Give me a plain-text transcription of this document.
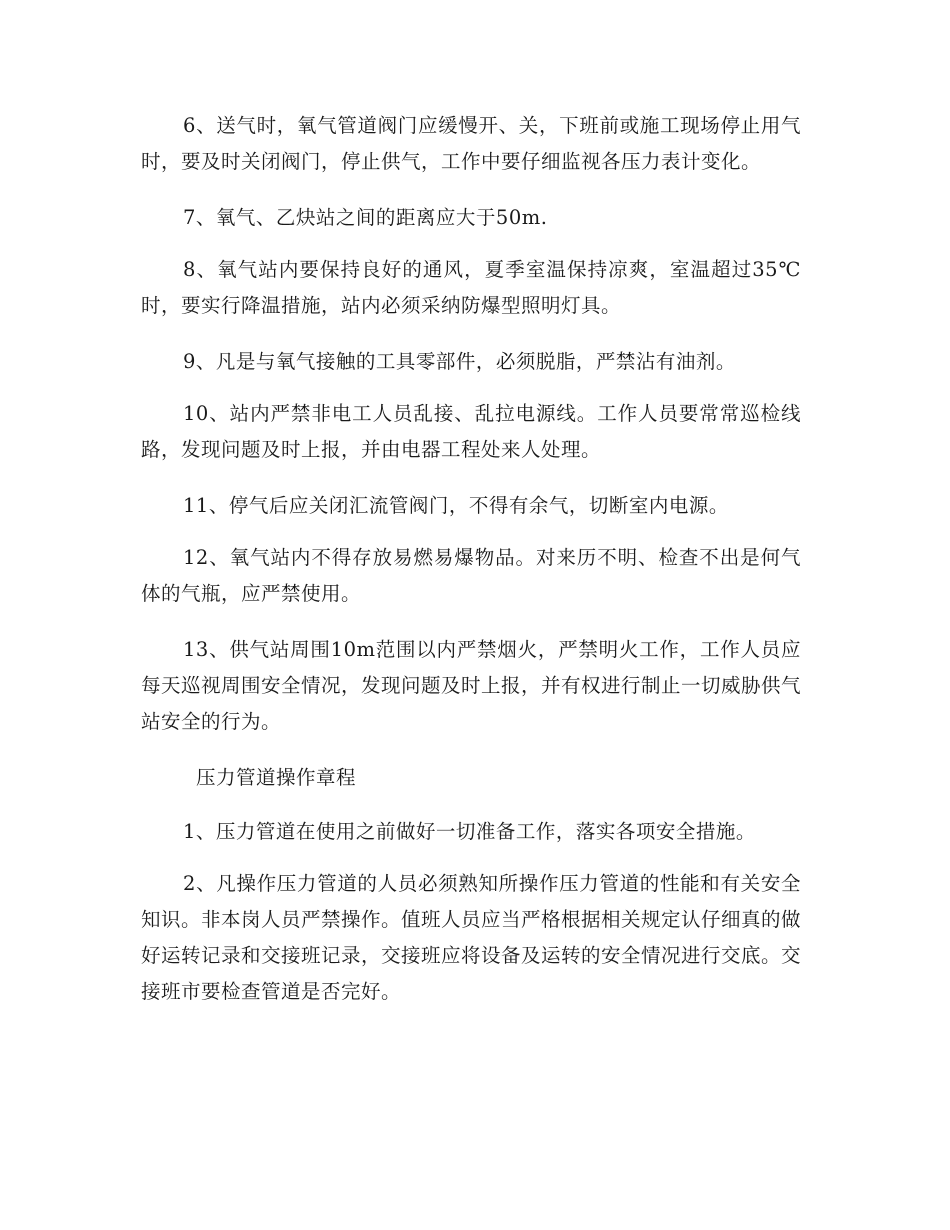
6、送气时，氧气管道阀门应缓慢开、关，下班前或施工现场停止用气时，要及时关闭阀门，停止供气，工作中要仔细监视各压力表计变化。

7、氧气、乙炔站之间的距离应大于50m.

8、氧气站内要保持良好的通风，夏季室温保持凉爽，室温超过35℃时，要实行降温措施，站内必须采纳防爆型照明灯具。

9、凡是与氧气接触的工具零部件，必须脱脂，严禁沾有油剂。

10、站内严禁非电工人员乱接、乱拉电源线。工作人员要常常巡检线路，发现问题及时上报，并由电器工程处来人处理。

11、停气后应关闭汇流管阀门，不得有余气，切断室内电源。

12、氧气站内不得存放易燃易爆物品。对来历不明、检查不出是何气体的气瓶，应严禁使用。

13、供气站周围10m范围以内严禁烟火，严禁明火工作，工作人员应每天巡视周围安全情况，发现问题及时上报，并有权进行制止一切威胁供气站安全的行为。

压力管道操作章程

1、压力管道在使用之前做好一切准备工作，落实各项安全措施。

2、凡操作压力管道的人员必须熟知所操作压力管道的性能和有关安全知识。非本岗人员严禁操作。值班人员应当严格根据相关规定认仔细真的做好运转记录和交接班记录，交接班应将设备及运转的安全情况进行交底。交接班市要检查管道是否完好。
